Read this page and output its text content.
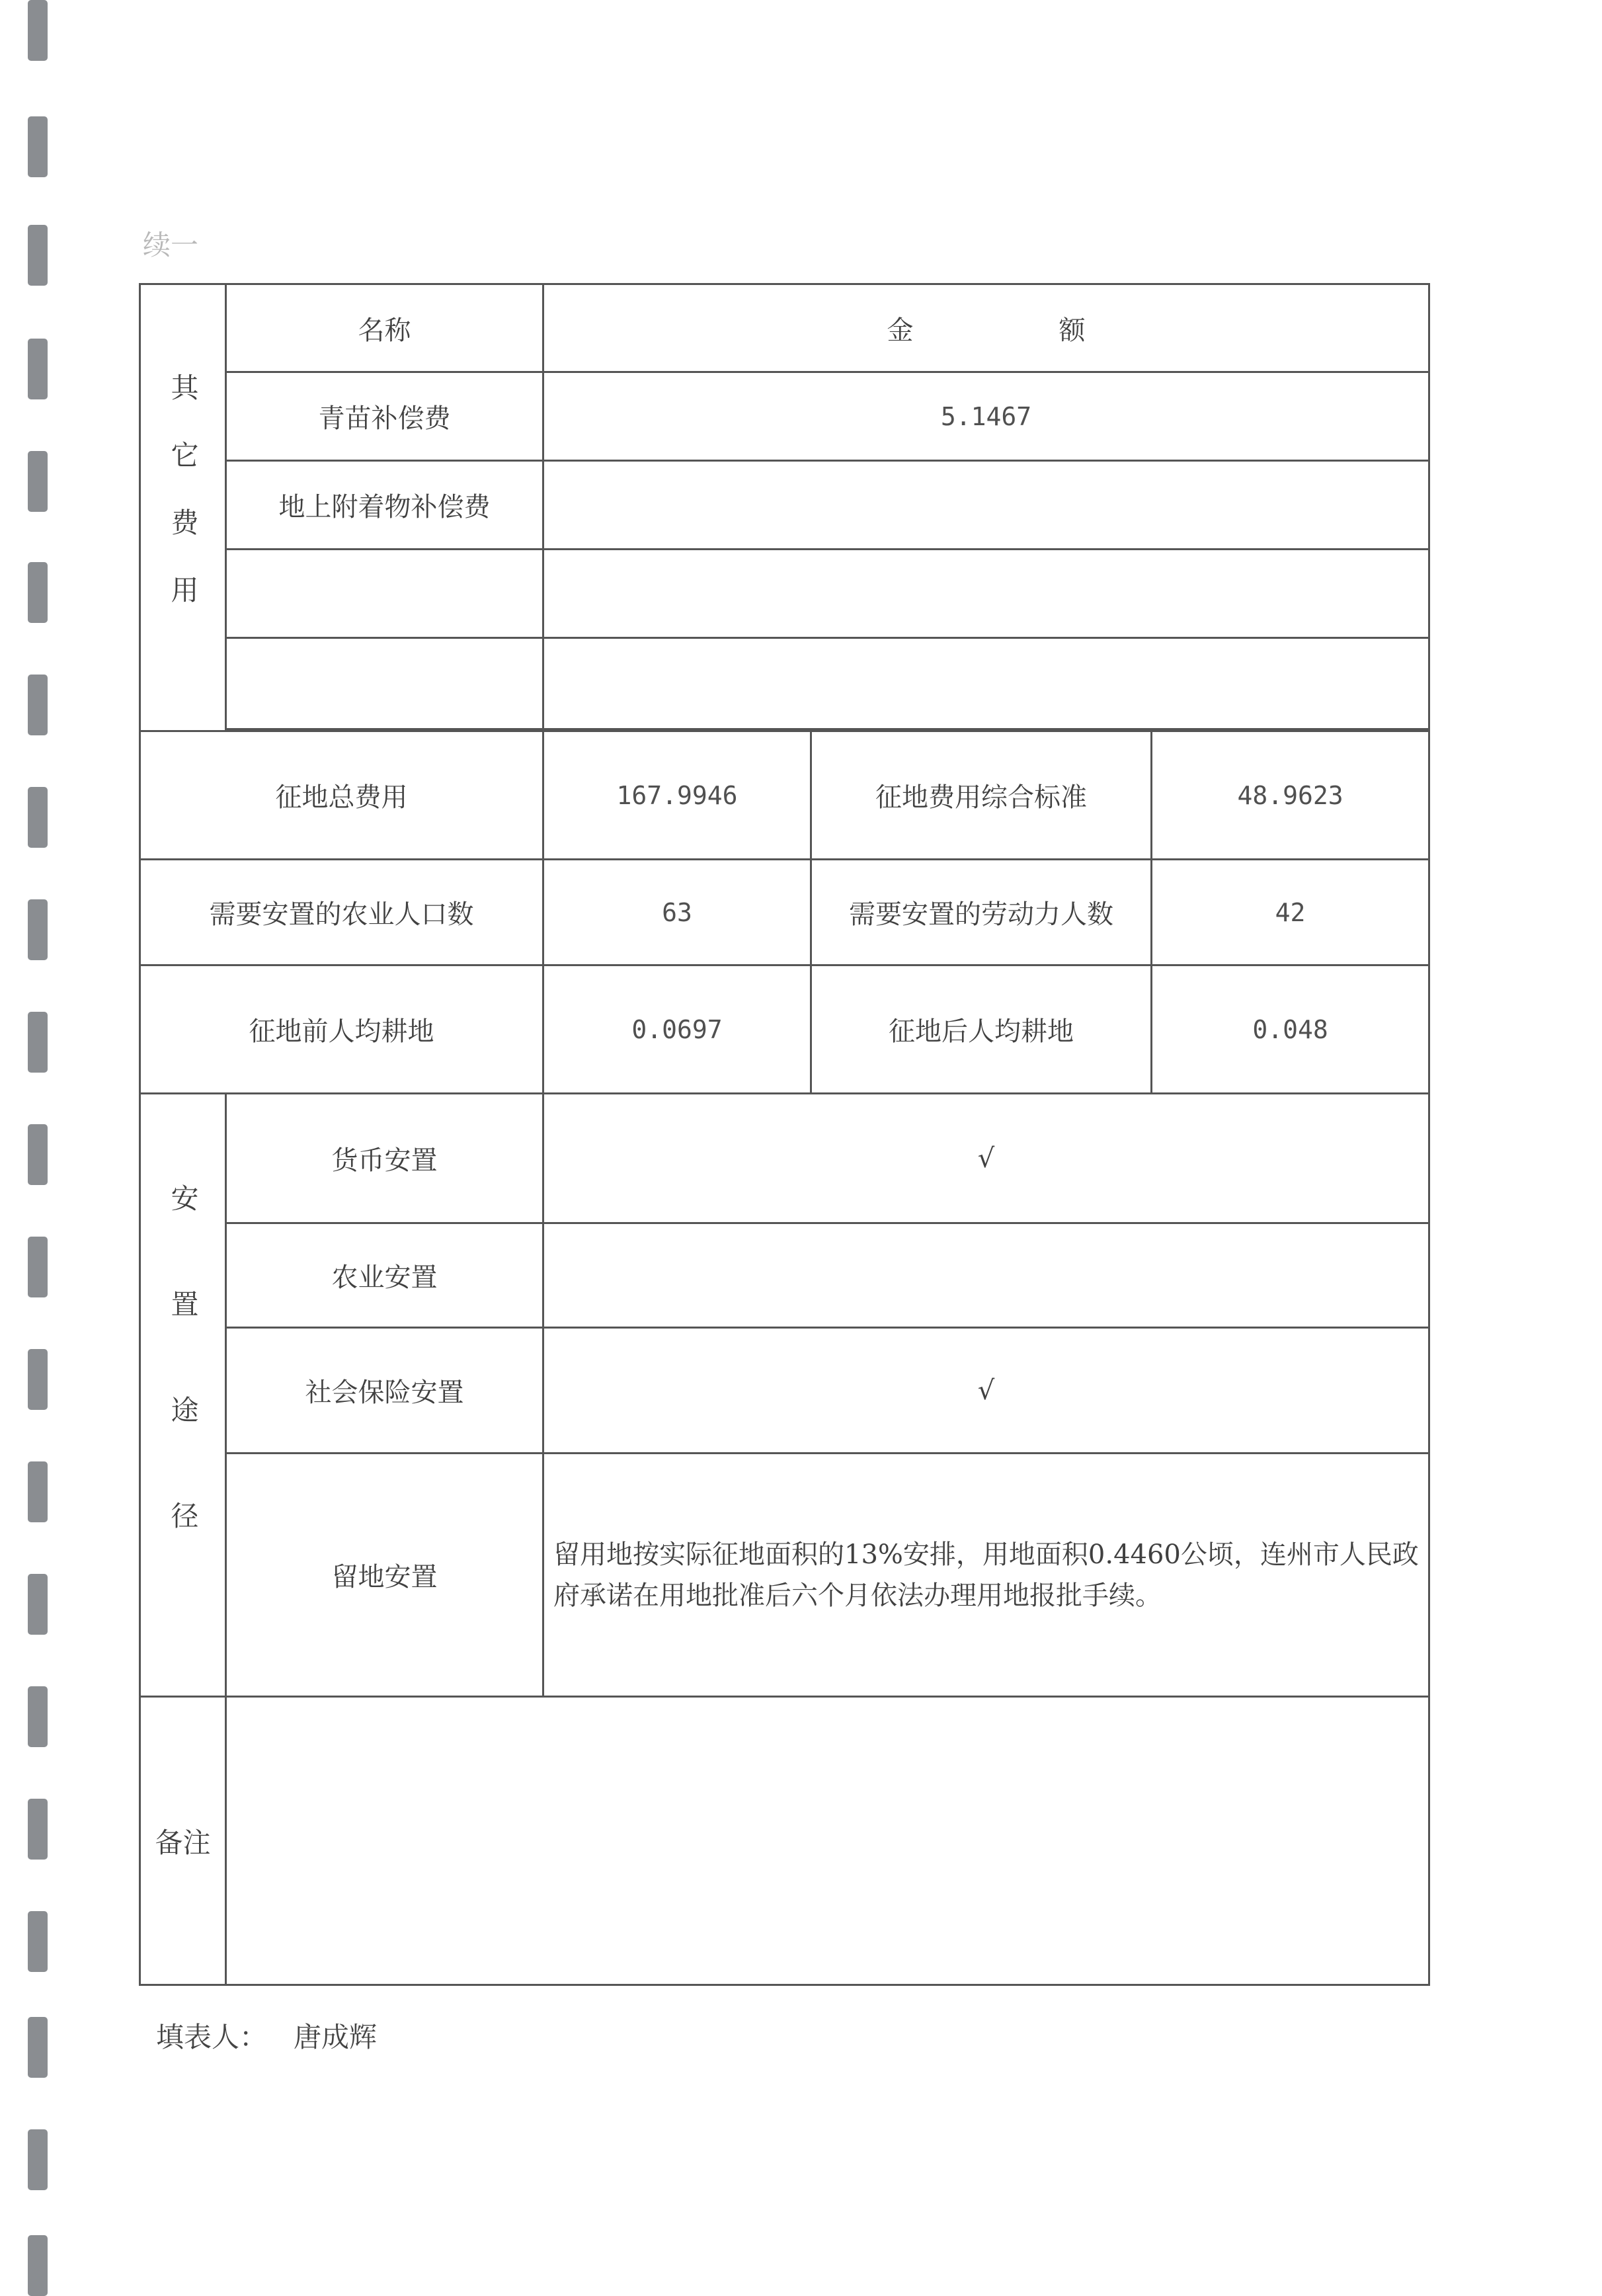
续一
其它费用	名称	金 额		
	青苗补偿费	5.1467		
	地上附着物补偿费			

征地总费用		167.9946	征地费用综合标准	48.9623
需要安置的农业人口数		63	需要安置的劳动力人数	42
征地前人均耕地		0.0697	征地后人均耕地	0.048

安置途径	货币安置	√		
	农业安置			
	社会保险安置	√		
	留地安置	留用地按实际征地面积的13%安排，用地面积0.4460公顷，连州市人民政府承诺在用地批准后六个月依法办理用地报批手续。		
备注				
填表人： 唐成辉
